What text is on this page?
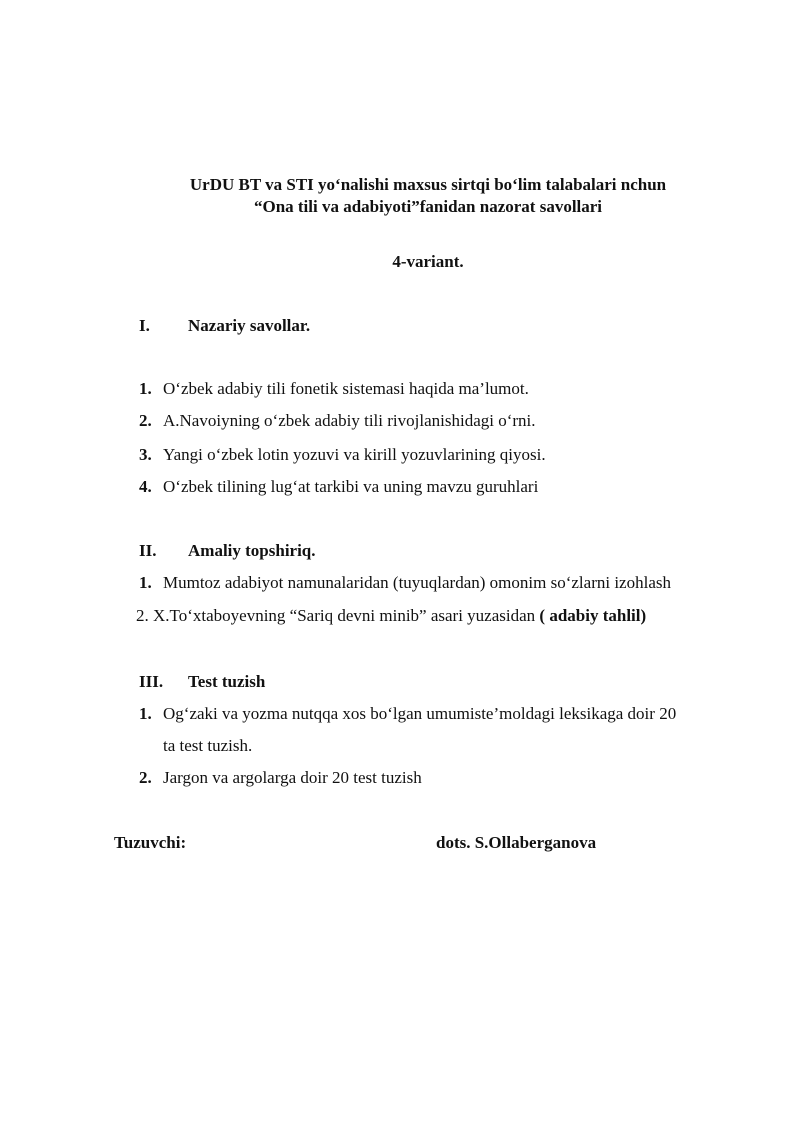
UrDU BT va STI yo‘nalishi maxsus sirtqi bo‘lim talabalari nchun
“Ona tili va adabiyoti”fanidan nazorat savollari
4-variant.
I. Nazariy savollar.
1. O‘zbek adabiy tili fonetik sistemasi haqida ma’lumot.
2. A.Navoiyning o‘zbek adabiy tili rivojlanishidagi o‘rni.
3. Yangi o‘zbek lotin yozuvi va kirill yozuvlarining qiyosi.
4. O‘zbek tilining lug‘at tarkibi va uning mavzu guruhlari
II. Amaliy topshiriq.
1. Mumtoz adabiyot namunalaridan (tuyuqlardan) omonim so‘zlarni izohlash
2. X.To‘xtaboyevning “Sariq devni minib” asari yuzasidan ( adabiy tahlil)
III. Test tuzish
1. Og‘zaki va yozma nutqqa xos bo‘lgan umumiste’moldagi leksikaga doir 20
ta test tuzish.
2. Jargon va argolarga doir 20 test tuzish
Tuzuvchi:	dots. S.Ollaberganova
